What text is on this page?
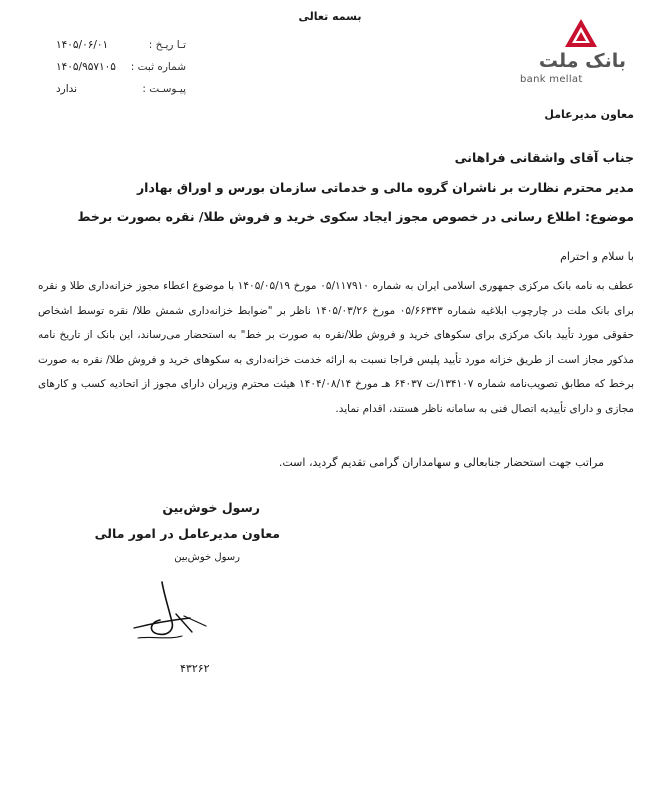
بسمه تعالی
تـا ریـخ :
۱۴۰۵/۰۶/۰۱
شماره ثبت :
۱۴۰۵/۹۵۷۱۰۵
پیـوسـت :
ندارد
بانک ملت
bank mellat
معاون مدیرعامل
جناب آقای واشقانی فراهانی
مدیر محترم نظارت بر ناشران گروه مالی و خدماتی سازمان بورس و اوراق بهادار
موضوع: اطلاع رسانی در خصوص مجوز ایجاد سکوی خرید و فروش طلا/ نقره بصورت برخط
با سلام و احترام
عطف به نامه بانک مرکزی جمهوری اسلامی ایران به شماره ۰۵/۱۱۷۹۱۰ مورخ ۱۴۰۵/۰۵/۱۹ با موضوع اعطاء مجوز خزانه‌داری طلا و نقره برای بانک ملت در چارچوب ابلاغیه شماره ۰۵/۶۶۳۴۳ مورخ ۱۴۰۵/۰۳/۲۶ ناظر بر "ضوابط خزانه‌داری شمش طلا/ نقره توسط اشخاص حقوقی مورد تأیید بانک مرکزی برای سکوهای خرید و فروش طلا/نقره به صورت بر خط" به استحضار می‌رساند، این بانک از تاریخ نامه مذکور مجاز است از طریق خزانه مورد تأیید پلیس فراجا نسبت به ارائه خدمت خزانه‌داری به سکوهای خرید و فروش طلا/ نقره به صورت برخط که مطابق تصویب‌نامه شماره ۱۳۴۱۰۷/ت ۶۴۰۳۷ هـ مورخ ۱۴۰۴/۰۸/۱۴ هیئت محترم وزیران دارای مجوز از اتحادیه کسب و کارهای مجازی و دارای تأییدیه اتصال فنی به سامانه ناظر هستند، اقدام نماید.
مراتب جهت استحضار جنابعالی و سهامداران گرامی تقدیم گردید، است.
رسول خوش‌بین
معاون مدیرعامل در امور مالی
رسول خوش‌بین
۴۳۲۶۲
